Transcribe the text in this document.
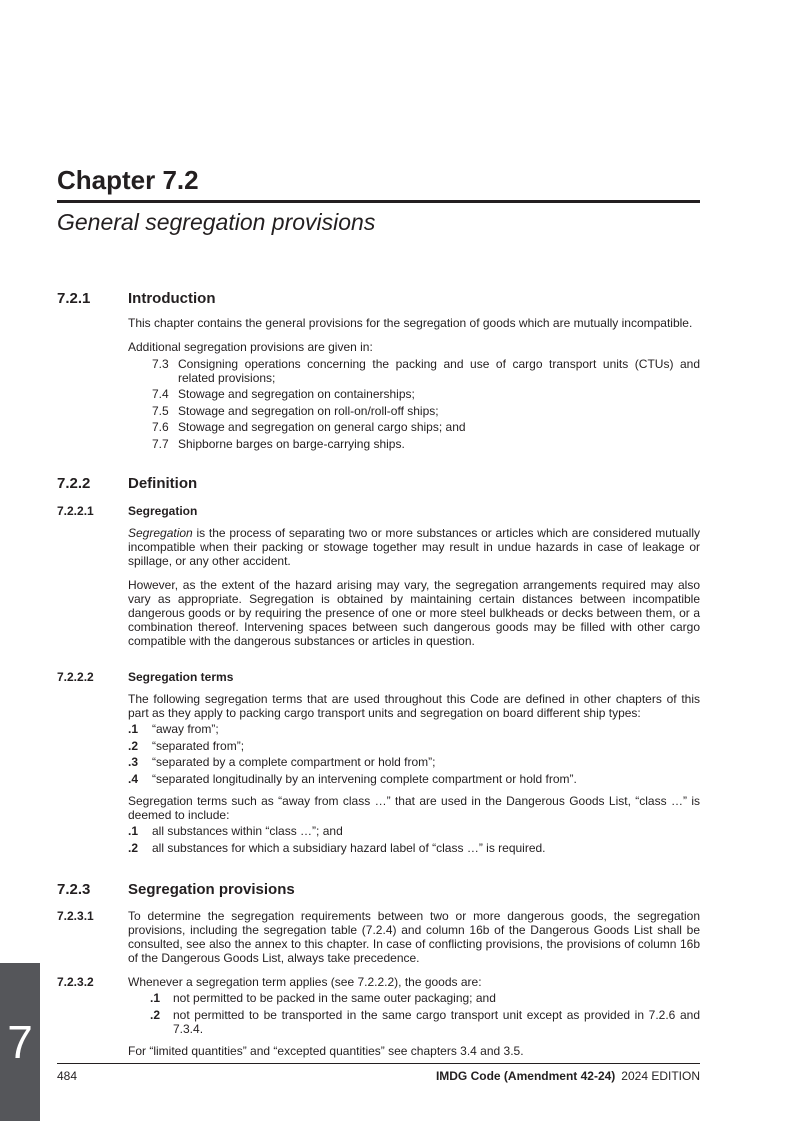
Chapter 7.2
General segregation provisions
7.2.1	Introduction

This chapter contains the general provisions for the segregation of goods which are mutually incompatible.

Additional segregation provisions are given in:

7.3 Consigning operations concerning the packing and use of cargo transport units (CTUs) and related provisions;
7.4 Stowage and segregation on containerships;
7.5 Stowage and segregation on roll-on/roll-off ships;
7.6 Stowage and segregation on general cargo ships; and
7.7 Shipborne barges on barge-carrying ships.
7.2.2	Definition
7.2.2.1	Segregation

Segregation is the process of separating two or more substances or articles which are considered mutually incompatible when their packing or stowage together may result in undue hazards in case of leakage or spillage, or any other accident.

However, as the extent of the hazard arising may vary, the segregation arrangements required may also vary as appropriate. Segregation is obtained by maintaining certain distances between incompatible dangerous goods or by requiring the presence of one or more steel bulkheads or decks between them, or a combination thereof. Intervening spaces between such dangerous goods may be filled with other cargo compatible with the dangerous substances or articles in question.

7.2.2.2	Segregation terms

The following segregation terms that are used throughout this Code are defined in other chapters of this part as they apply to packing cargo transport units and segregation on board different ship types:

.1	“away from”;
.2	“separated from”;
.3	“separated by a complete compartment or hold from”;
.4	“separated longitudinally by an intervening complete compartment or hold from”.

Segregation terms such as “away from class …” that are used in the Dangerous Goods List, “class …” is deemed to include:

.1	all substances within “class …”; and
.2	all substances for which a subsidiary hazard label of “class …” is required.
7.2.3	Segregation provisions
7.2.3.1	To determine the segregation requirements between two or more dangerous goods, the segregation provisions, including the segregation table (7.2.4) and column 16b of the Dangerous Goods List shall be consulted, see also the annex to this chapter. In case of conflicting provisions, the provisions of column 16b of the Dangerous Goods List, always take precedence.

7.2.3.2	Whenever a segregation term applies (see 7.2.2.2), the goods are:

.1	not permitted to be packed in the same outer packaging; and
.2	not permitted to be transported in the same cargo transport unit except as provided in 7.2.6 and 7.3.4.

For “limited quantities” and “excepted quantities” see chapters 3.4 and 3.5.

484	IMDG Code (Amendment 42-24) 2024 EDITION
7
